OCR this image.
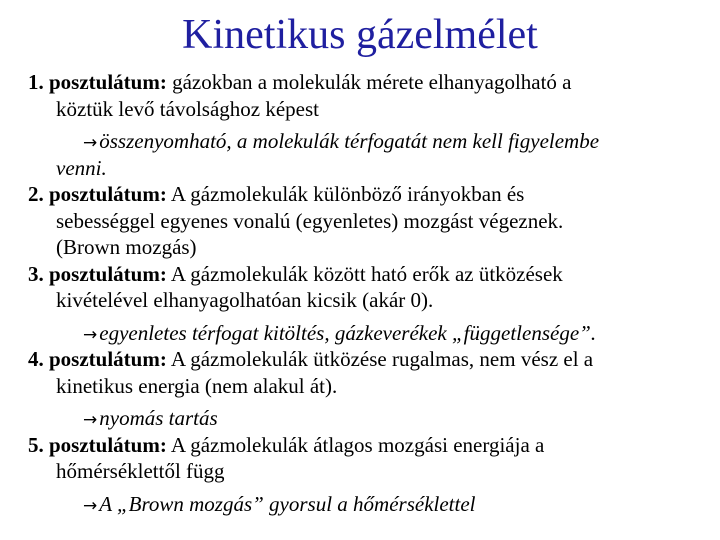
Kinetikus gázelmélet
1. posztulátum: gázokban a molekulák mérete elhanyagolható a
köztük levő távolsághoz képest
→összenyomható, a molekulák térfogatát nem kell figyelembe
venni.
2. posztulátum: A gázmolekulák különböző irányokban és
sebességgel egyenes vonalú (egyenletes) mozgást végeznek.
(Brown mozgás)
3. posztulátum: A gázmolekulák között ható erők az ütközések
kivételével elhanyagolhatóan kicsik (akár 0).
→egyenletes térfogat kitöltés, gázkeverékek „függetlensége”.
4. posztulátum: A gázmolekulák ütközése rugalmas, nem vész el a
kinetikus energia (nem alakul át).
→nyomás tartás
5. posztulátum: A gázmolekulák átlagos mozgási energiája a
hőmérséklettől függ
→A „Brown mozgás” gyorsul a hőmérséklettel
